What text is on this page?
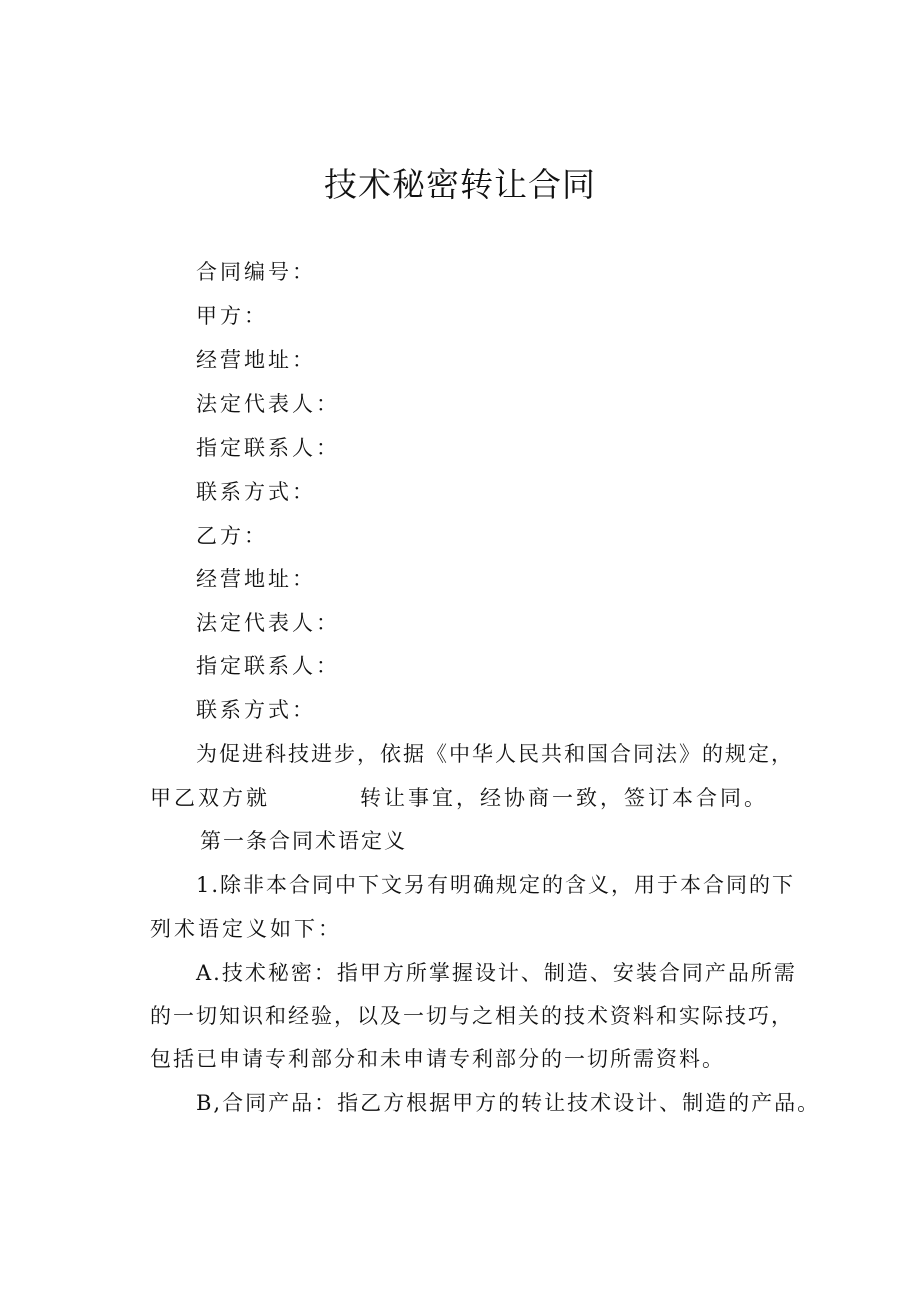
技术秘密转让合同
合同编号：
甲方：
经营地址：
法定代表人：
指定联系人：
联系方式：
乙方：
经营地址：
法定代表人：
指定联系人：
联系方式：
为促进科技进步，依据《中华人民共和国合同法》的规定，
甲乙双方就	转让事宜，经协商一致，签订本合同。
第一条合同术语定义
1.除非本合同中下文另有明确规定的含义，用于本合同的下
列术语定义如下：
A.技术秘密：指甲方所掌握设计、制造、安装合同产品所需
的一切知识和经验，以及一切与之相关的技术资料和实际技巧，
包括已申请专利部分和未申请专利部分的一切所需资料。
B,合同产品：指乙方根据甲方的转让技术设计、制造的产品。
